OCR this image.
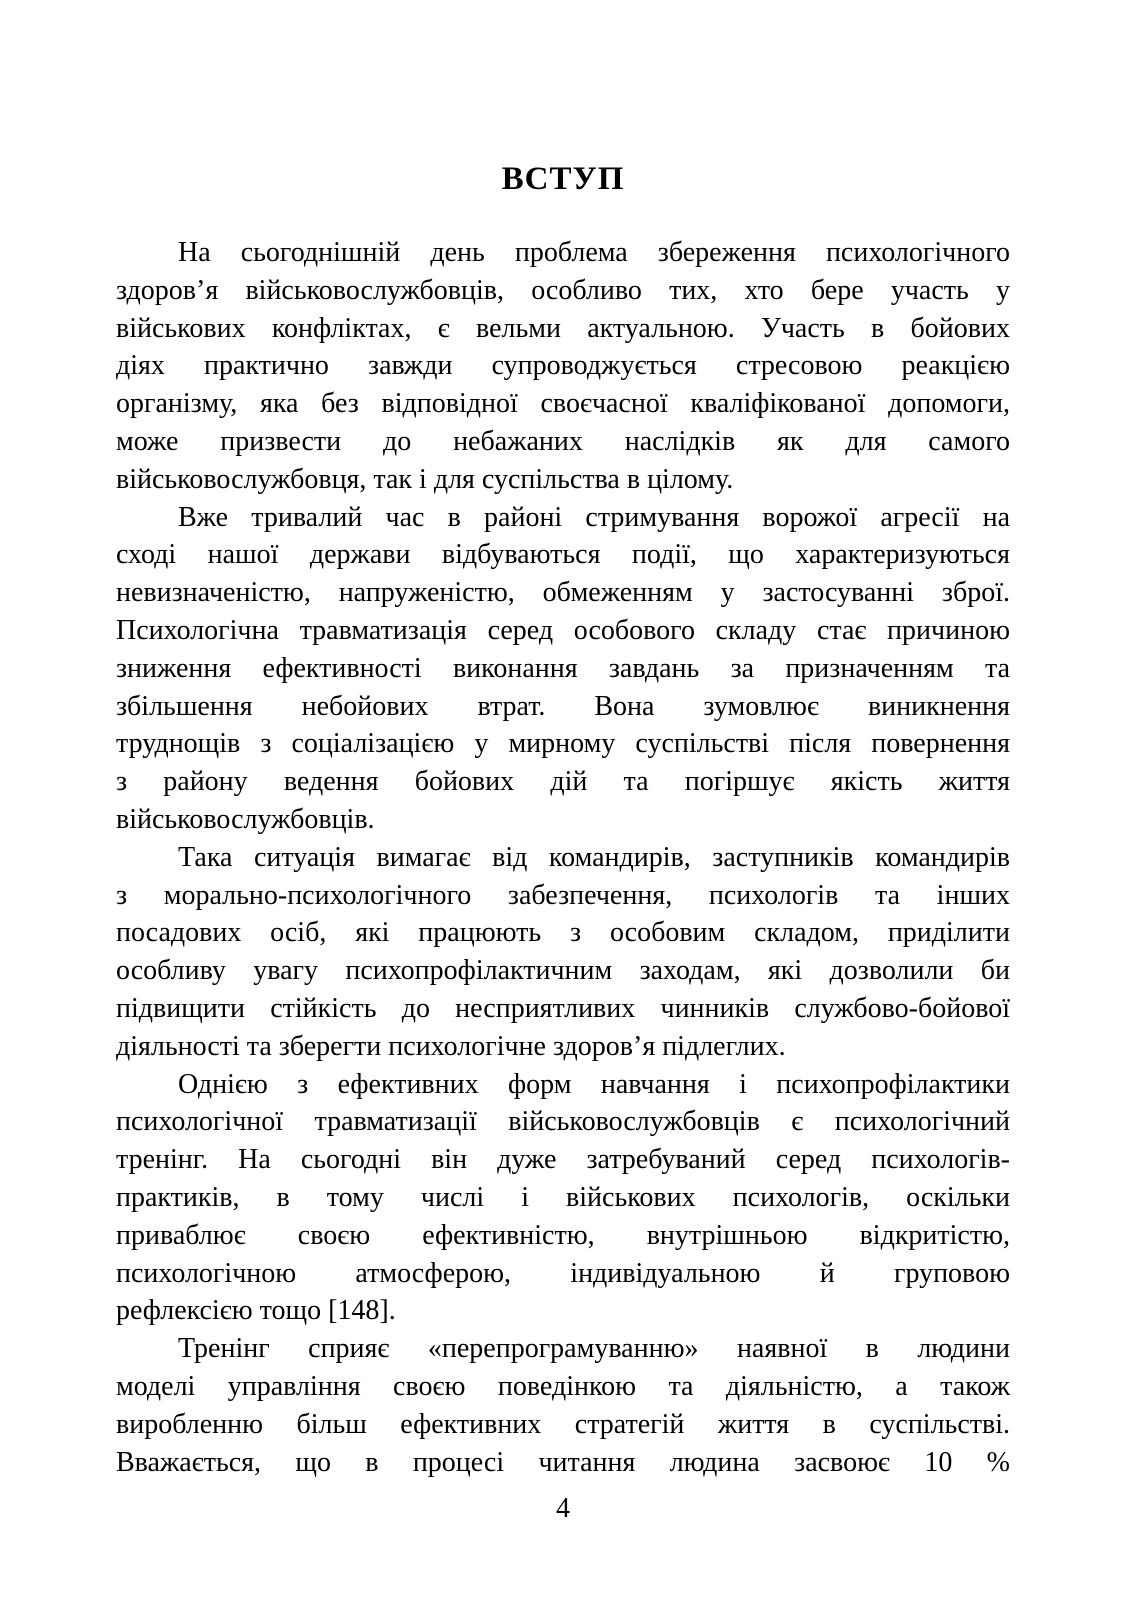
ВСТУП

На сьогоднішній день проблема збереження психологічного
здоров’я військовослужбовців, особливо тих, хто бере участь у
військових конфліктах, є вельми актуальною. Участь в бойових
діях практично завжди супроводжується стресовою реакцією
організму, яка без відповідної своєчасної кваліфікованої допомоги,
може призвести до небажаних наслідків як для самого
військовослужбовця, так і для суспільства в цілому.

Вже тривалий час в районі стримування ворожої агресії на
сході нашої держави відбуваються події, що характеризуються
невизначеністю, напруженістю, обмеженням у застосуванні зброї.
Психологічна травматизація серед особового складу стає причиною
зниження ефективності виконання завдань за призначенням та
збільшення небойових втрат. Вона зумовлює виникнення
труднощів з соціалізацією у мирному суспільстві після повернення
з району ведення бойових дій та погіршує якість життя
військовослужбовців.

Така ситуація вимагає від командирів, заступників командирів
з морально-психологічного забезпечення, психологів та інших
посадових осіб, які працюють з особовим складом, приділити
особливу увагу психопрофілактичним заходам, які дозволили би
підвищити стійкість до несприятливих чинників службово-бойової
діяльності та зберегти психологічне здоров’я підлеглих.

Однією з ефективних форм навчання і психопрофілактики
психологічної травматизації військовослужбовців є психологічний
тренінг. На сьогодні він дуже затребуваний серед психологів-
практиків, в тому числі і військових психологів, оскільки
приваблює своєю ефективністю, внутрішньою відкритістю,
психологічною атмосферою, індивідуальною й груповою
рефлексією тощо [148].

Тренінг сприяє «перепрограмуванню» наявної в людини
моделі управління своєю поведінкою та діяльністю, а також
виробленню більш ефективних стратегій життя в суспільстві.
Вважається, що в процесі читання людина засвоює 10 %

4
